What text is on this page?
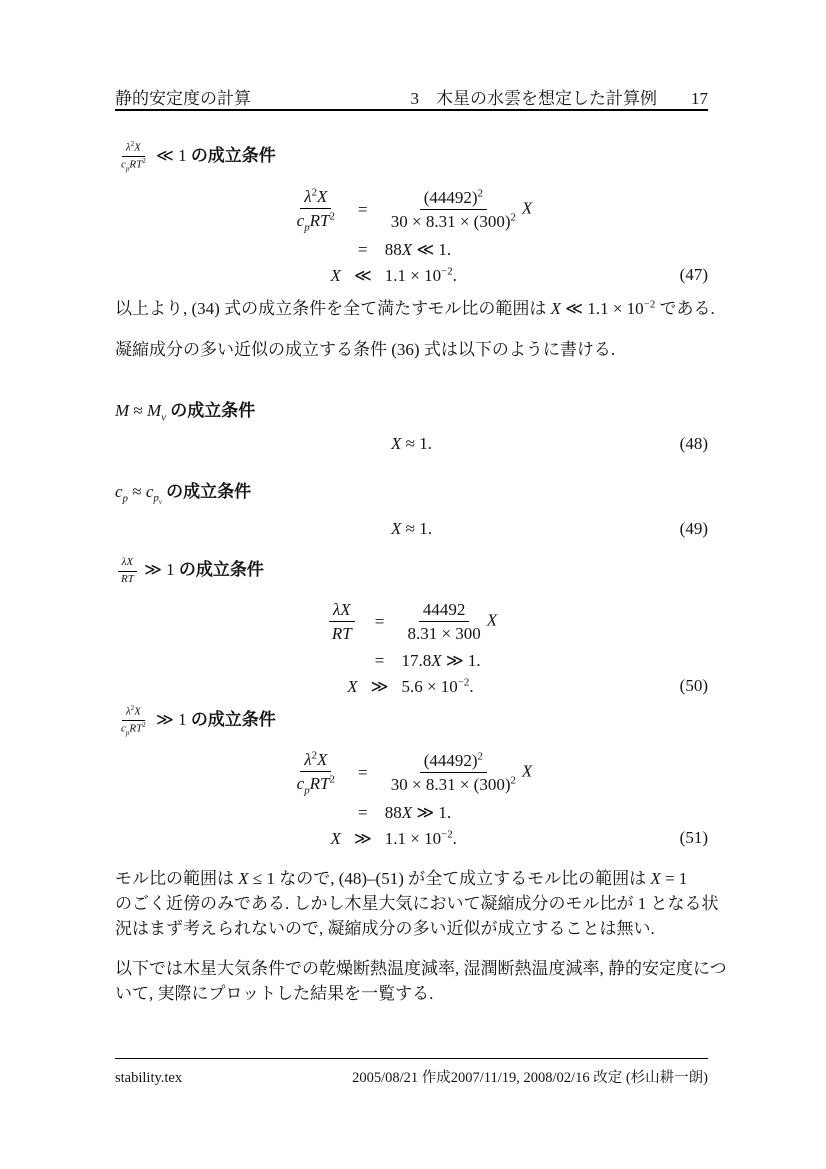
静的安定度の計算	3　木星の水雲を想定した計算例 17
$\lambda^2X$
$c_pRT^2$ ≪ 1 の成立条件
$\lambda^2X$
$c_pRT^2$	=	$\frac{(44492)^2}{30 \times 8.31 \times (300)^2}$ X
	=	88X ≪ 1.
X	≪	$1.1 \times 10^{-2}$.	(47)
以上より, (34) 式の成立条件を全て満たすモル比の範囲は X ≪ $1.1 \times 10^{-2}$ である.
凝縮成分の多い近似の成立する条件 (36) 式は以下のように書ける.
$M \approx M_v$ の成立条件
X ≈ 1.	(48)
$c_p \approx c_{p_v}$ の成立条件
X ≈ 1.	(49)
$\frac{\lambda X}{RT}$ ≫ 1 の成立条件
$\frac{\lambda X}{RT}$	=	$\frac{44492}{8.31 \times 300}$ X
	=	17.8X ≫ 1.
X	≫	$5.6 \times 10^{-2}$.	(50)
$\lambda^2X$
$c_pRT^2$ ≫ 1 の成立条件
$\lambda^2X$
$c_pRT^2$	=	$\frac{(44492)^2}{30 \times 8.31 \times (300)^2}$ X
	=	88X ≫ 1.
X	≫	$1.1 \times 10^{-2}$.	(51)
モル比の範囲は X ≤ 1 なので, (48)–(51) が全て成立するモル比の範囲は X = 1
のごく近傍のみである. しかし木星大気において凝縮成分のモル比が 1 となる状
況はまず考えられないので, 凝縮成分の多い近似が成立することは無い.
以下では木星大気条件での乾燥断熱温度減率, 湿潤断熱温度減率, 静的安定度につ
いて, 実際にプロットした結果を一覧する.
stability.tex	2005/08/21 作成2007/11/19, 2008/02/16 改定 (杉山耕一朗)
